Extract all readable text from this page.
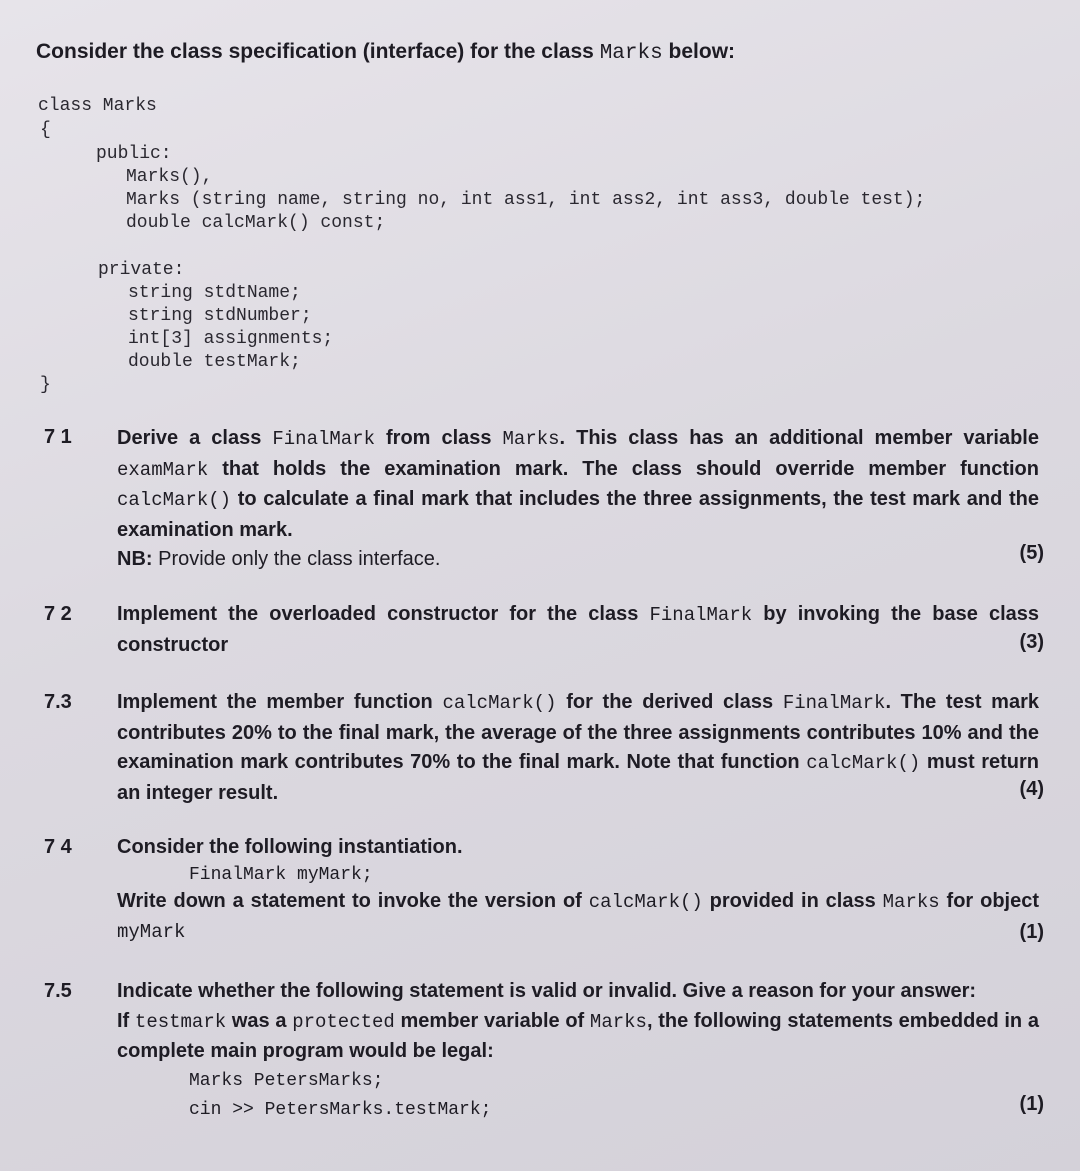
Consider the class specification (interface) for the class Marks below:
class Marks
{
public:
Marks(),
Marks (string name, string no, int ass1, int ass2, int ass3, double test);
double calcMark() const;
private:
string stdtName;
string stdNumber;
int[3] assignments;
double testMark;
}
7 1 Derive a class FinalMark from class Marks. This class has an additional member variable examMark that holds the examination mark. The class should override member function calcMark() to calculate a final mark that includes the three assignments, the test mark and the examination mark.

NB: Provide only the class interface.	(5)
7 2 Implement the overloaded constructor for the class FinalMark by invoking the base class constructor	(3)
7.3 Implement the member function calcMark() for the derived class FinalMark. The test mark contributes 20% to the final mark, the average of the three assignments contributes 10% and the examination mark contributes 70% to the final mark. Note that function calcMark() must return an integer result.	(4)
7 4 Consider the following instantiation.

FinalMark myMark;

Write down a statement to invoke the version of calcMark() provided in class Marks for object myMark	(1)
7.5 Indicate whether the following statement is valid or invalid. Give a reason for your answer:

If testmark was a protected member variable of Marks, the following statements embedded in a complete main program would be legal:

Marks PetersMarks;

cin >> PetersMarks.testMark;	(1)
